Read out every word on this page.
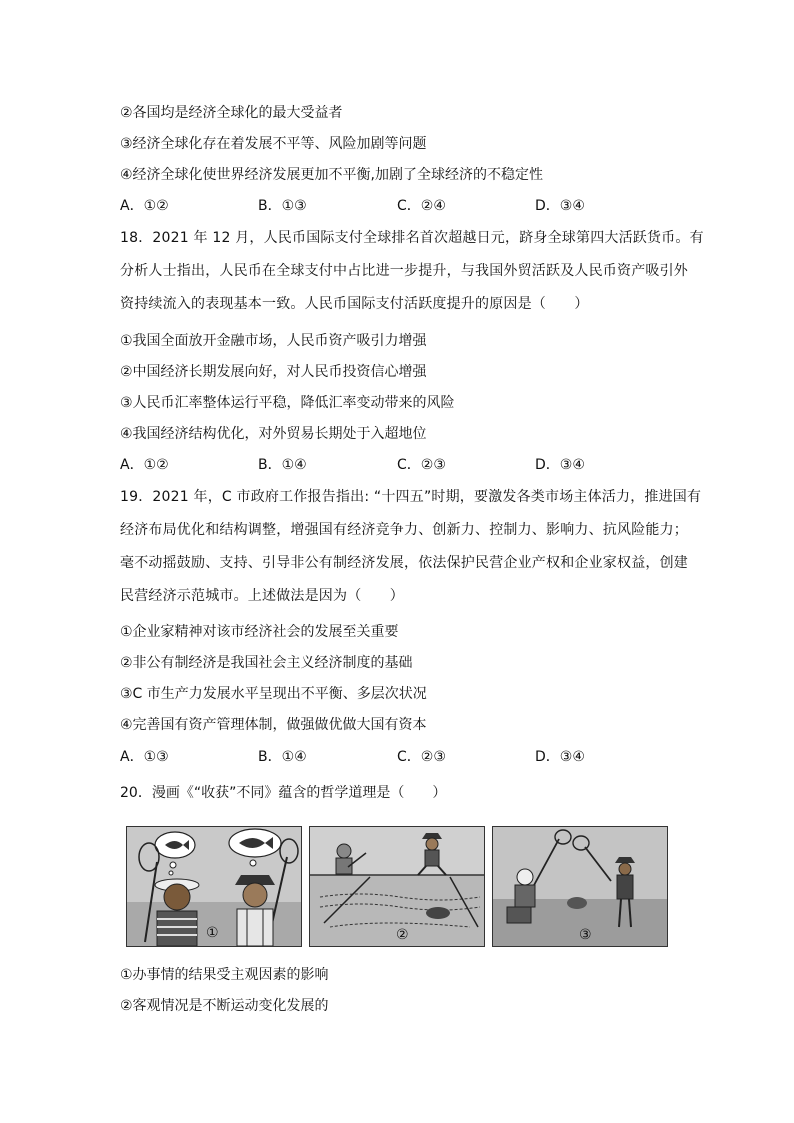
②各国均是经济全球化的最大受益者
③经济全球化存在着发展不平等、风险加剧等问题
④经济全球化使世界经济发展更加不平衡,加剧了全球经济的不稳定性
A．①②	B．①③	C．②④	D．③④
18．2021 年 12 月，人民币国际支付全球排名首次超越日元，跻身全球第四大活跃货币。有
分析人士指出，人民币在全球支付中占比进一步提升，与我国外贸活跃及人民币资产吸引外
资持续流入的表现基本一致。人民币国际支付活跃度提升的原因是（　　）
①我国全面放开金融市场，人民币资产吸引力增强
②中国经济长期发展向好，对人民币投资信心增强
③人民币汇率整体运行平稳，降低汇率变动带来的风险
④我国经济结构优化，对外贸易长期处于入超地位
A．①②	B．①④	C．②③	D．③④
19．2021 年，C 市政府工作报告指出: “十四五”时期，要激发各类市场主体活力，推进国有
经济布局优化和结构调整，增强国有经济竞争力、创新力、控制力、影响力、抗风险能力；
毫不动摇鼓励、支持、引导非公有制经济发展，依法保护民营企业产权和企业家权益，创建
民营经济示范城市。上述做法是因为（　　）
①企业家精神对该市经济社会的发展至关重要
②非公有制经济是我国社会主义经济制度的基础
③C 市生产力发展水平呈现出不平衡、多层次状况
④完善国有资产管理体制，做强做优做大国有资本
A．①③	B．①④	C．②③	D．③④
20．漫画《“收获”不同》蕴含的哲学道理是（　　）
①	②	③
①办事情的结果受主观因素的影响
②客观情况是不断运动变化发展的
